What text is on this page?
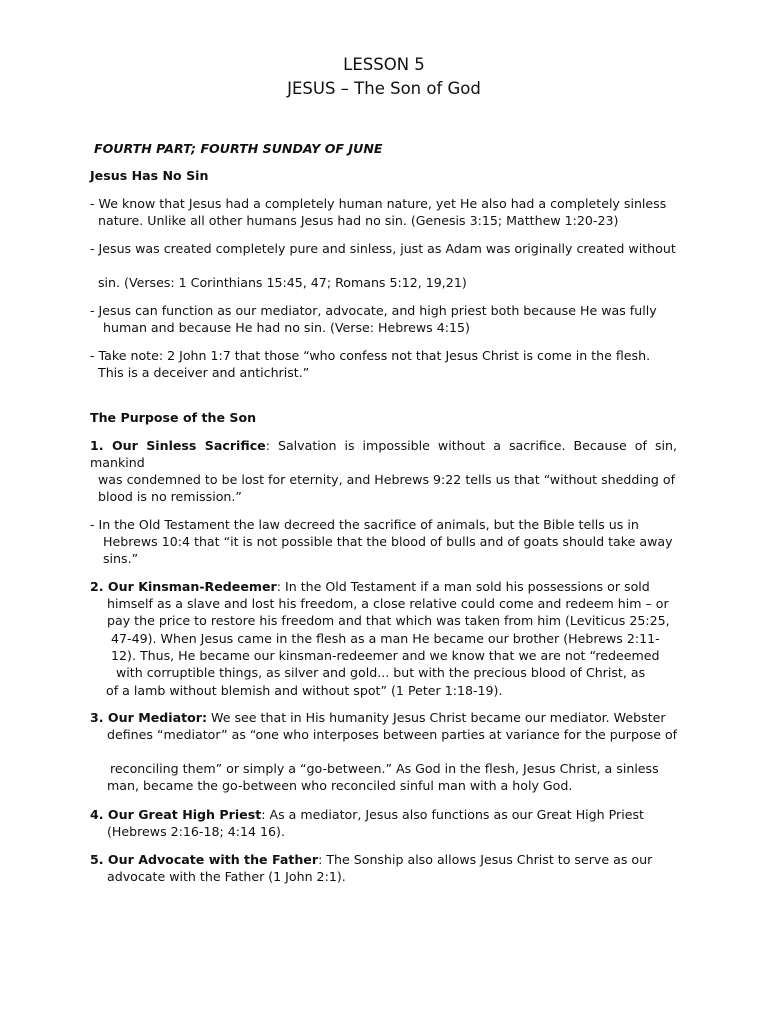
LESSON 5
JESUS – The Son of God

FOURTH PART; FOURTH SUNDAY OF JUNE

Jesus Has No Sin

- We know that Jesus had a completely human nature, yet He also had a completely sinless

nature. Unlike all other humans Jesus had no sin. (Genesis 3:15; Matthew 1:20-23)

- Jesus was created completely pure and sinless, just as Adam was originally created without

sin. (Verses: 1 Corinthians 15:45, 47; Romans 5:12, 19,21)

- Jesus can function as our mediator, advocate, and high priest both because He was fully

human and because He had no sin. (Verse: Hebrews 4:15)

- Take note: 2 John 1:7 that those “who confess not that Jesus Christ is come in the flesh.

This is a deceiver and antichrist.”

The Purpose of the Son

1. Our Sinless Sacrifice: Salvation is impossible without a sacrifice. Because of sin,

mankind

was condemned to be lost for eternity, and Hebrews 9:22 tells us that “without shedding of

blood is no remission.”

- In the Old Testament the law decreed the sacrifice of animals, but the Bible tells us in

Hebrews 10:4 that “it is not possible that the blood of bulls and of goats should take away

sins.”

2. Our Kinsman-Redeemer: In the Old Testament if a man sold his possessions or sold

himself as a slave and lost his freedom, a close relative could come and redeem him – or

pay the price to restore his freedom and that which was taken from him (Leviticus 25:25,

47-49). When Jesus came in the flesh as a man He became our brother (Hebrews 2:11-

12). Thus, He became our kinsman-redeemer and we know that we are not “redeemed

with corruptible things, as silver and gold... but with the precious blood of Christ, as

of a lamb without blemish and without spot” (1 Peter 1:18-19).

3. Our Mediator: We see that in His humanity Jesus Christ became our mediator. Webster

defines “mediator” as “one who interposes between parties at variance for the purpose of

reconciling them” or simply a “go-between.” As God in the flesh, Jesus Christ, a sinless

man, became the go-between who reconciled sinful man with a holy God.

4. Our Great High Priest: As a mediator, Jesus also functions as our Great High Priest

(Hebrews 2:16-18; 4:14 16).

5. Our Advocate with the Father: The Sonship also allows Jesus Christ to serve as our

advocate with the Father (1 John 2:1).
